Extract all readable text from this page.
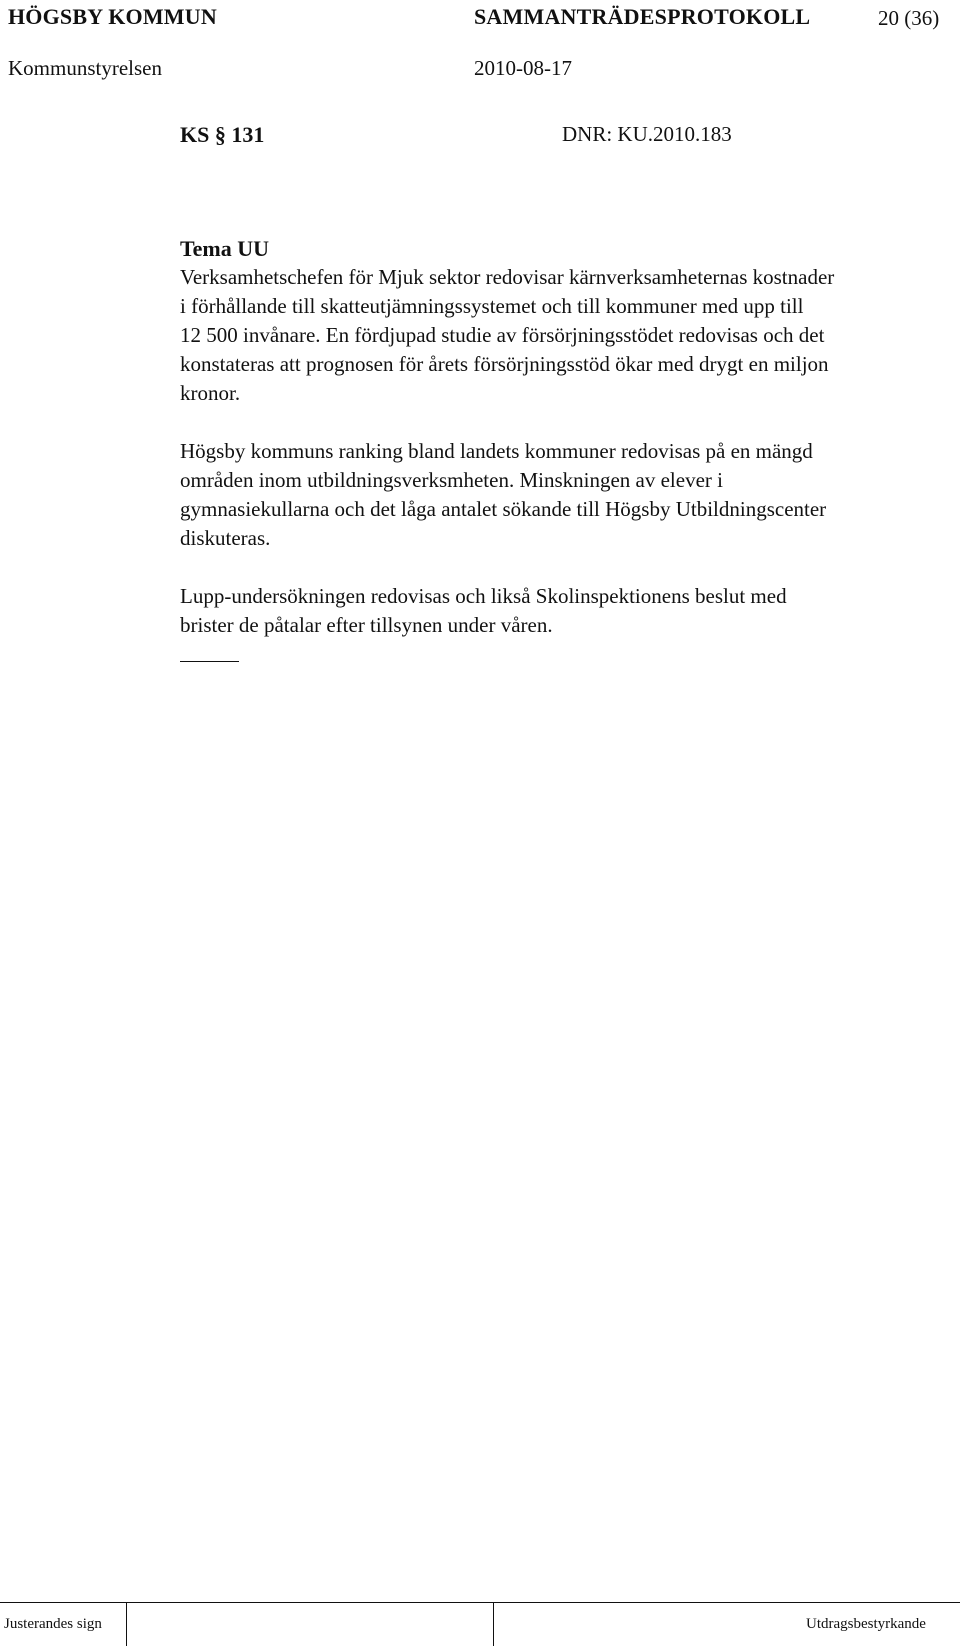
HÖGSBY KOMMUN	SAMMANTRÄDESPROTOKOLL	20 (36)
Kommunstyrelsen	2010-08-17
KS § 131	DNR: KU.2010.183
Tema UU
Verksamhetschefen för Mjuk sektor redovisar kärnverksamheternas kostnader
i förhållande till skatteutjämningssystemet och till kommuner med upp till
12 500 invånare. En fördjupad studie av försörjningsstödet redovisas och det
konstateras att prognosen för årets försörjningsstöd ökar med drygt en miljon
kronor.
Högsby kommuns ranking bland landets kommuner redovisas på en mängd
områden inom utbildningsverksmheten. Minskningen av elever i
gymnasiekullarna och det låga antalet sökande till Högsby Utbildningscenter
diskuteras.
Lupp-undersökningen redovisas och likså Skolinspektionens beslut med
brister de påtalar efter tillsynen under våren.
Justerandes sign	Utdragsbestyrkande
